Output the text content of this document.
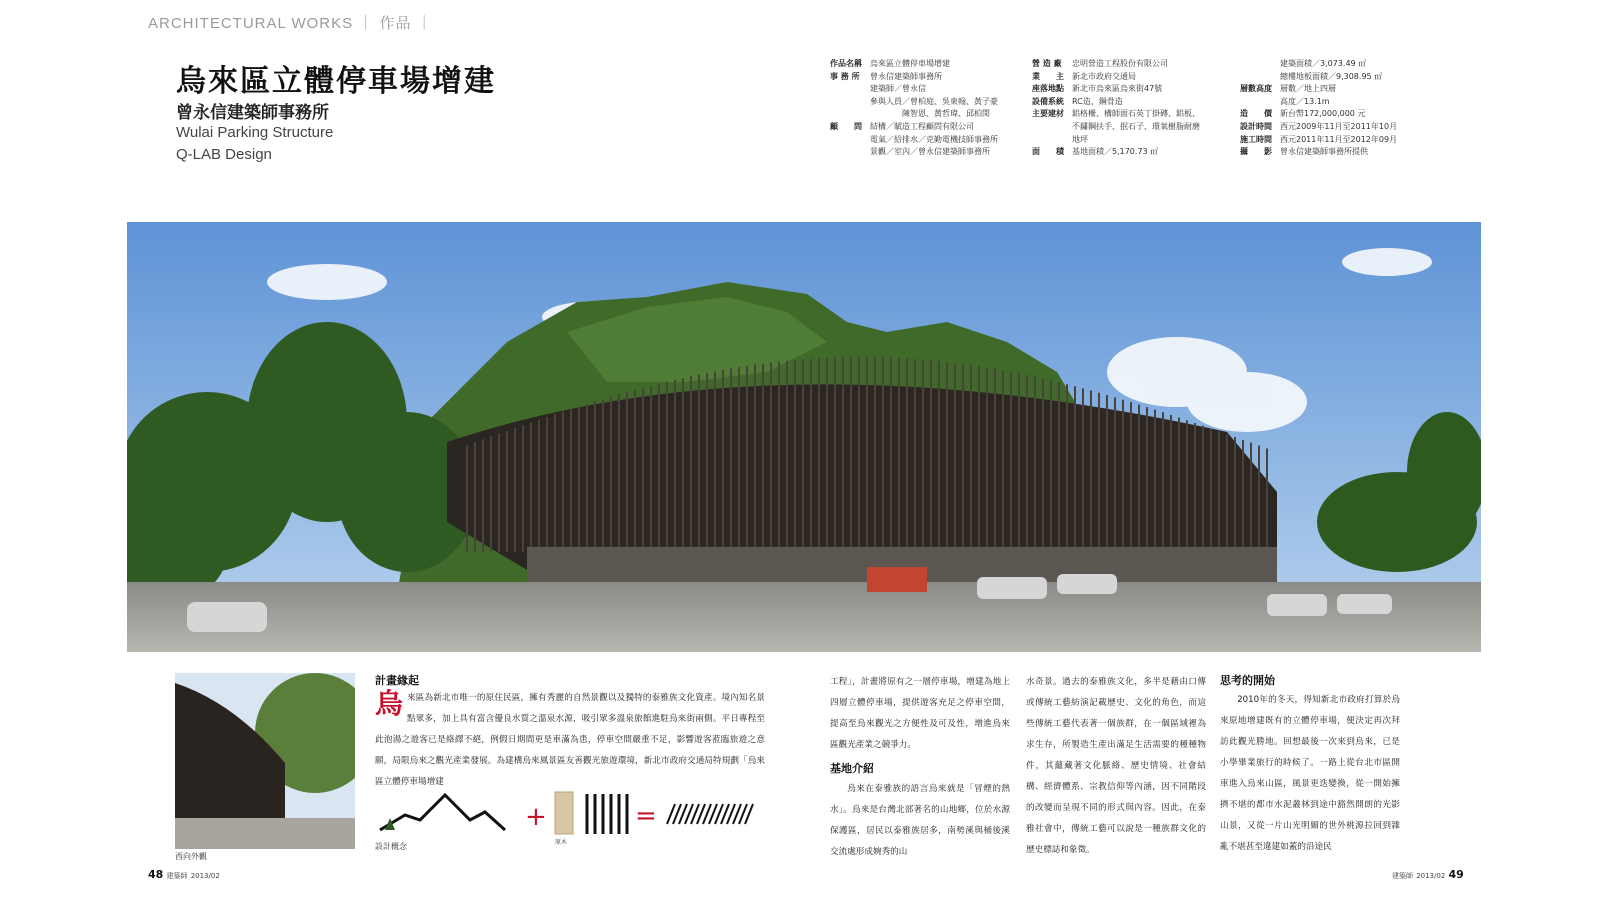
ARCHITECTURAL WORKS ｜ 作品 ｜
烏來區立體停車場增建
曾永信建築師事務所
Wulai Parking Structure
Q-LAB Design
作品名稱	烏來區立體停車場增建
事 務 所	曾永信建築師事務所
建築師／曾永信
參與人員／曾柏庭、吳東翰、黃子豪
　　　　陳智恩、黃哲瑋、邱柏閔
顧　　問	結構／賦造工程顧問有限公司
電氣／給排水／克勤電機技師事務所
景觀／室內／曾永信建築師事務所
營 造 廠	忠明營造工程股份有限公司
業　　主	新北市政府交通局
座落地點	新北市烏來區烏來街47號
設備系統	RC造、鋼骨造
主要建材	鋁格柵、構師面石英丁掛磚、鋁板、
不鏽鋼扶手、抿石子、環氧樹脂耐磨
地坪
面　　積	基地面積／5,170.73 ㎡
建築面積／3,073.49 ㎡
總樓地板面積／9,308.95 ㎡
層數高度	層數／地上四層
高度／13.1m
造　　價	新台幣172,000,000 元
設計時間	西元2009年11月至2011年10月
施工時間	西元2011年11月至2012年09月
攝　　影	曾永信建築師事務所提供
西向外觀
計畫緣起
烏 來區為新北市唯一的原住民區，擁有秀麗的自然景觀以及獨特的泰雅族文化資產。境內知名景點眾多，加上具有富含優良水質之溫泉水源，吸引眾多溫泉旅館進駐烏來街兩側。平日專程至此泡湯之遊客已是絡繹不絕，例假日期間更是車滿為患，停車空間嚴重不足，影響遊客蒞臨旅遊之意願，局限烏來之觀光產業發展。為建構烏來風景區友善觀光旅遊環境，新北市政府交通局特規劃「烏來區立體停車場增建
+	=
原木
設計概念
工程」，計畫將原有之一層停車場，增建為地上四層立體停車場，提供遊客充足之停車空間，提高至烏來觀光之方便性及可及性，增進烏來區觀光產業之競爭力。
基地介紹
烏來在泰雅族的語言烏來就是「冒煙的熱水」。烏來是台灣北部著名的山地鄉，位於水源保護區，居民以泰雅族居多，南勢溪與桶後溪交流處形成婉秀的山
水奇景。過去的泰雅族文化，多半是藉由口傳或傳統工藝紡演記載歷史、文化的角色，而這些傳統工藝代表著一個族群，在一個區域裡為求生存，所製造生產出滿足生活需要的種種物件，其蘊藏著文化脈絡、歷史情境、社會結構、經濟體系、宗教信仰等內涵，因不同階段的改變而呈現不同的形式與內容。因此，在泰雅社會中，傳統工藝可以說是一種族群文化的歷史標誌和象徵。
思考的開始
2010年的冬天，得知新北市政府打算於烏來原地增建既有的立體停車場，便決定再次拜訪此觀光勝地。回想最後一次來到烏來，已是小學畢業旅行的時候了。一路上從台北市區開車進入烏來山區，風景更迭變換，從一開始擁擠不堪的都市水泥叢林到途中豁然開朗的光影山景，又從一片山光明媚的世外桃源拉回到雜亂不堪甚至違建如蓋的沿途民
48 建築師 2013/02	建築師 2013/02 49
